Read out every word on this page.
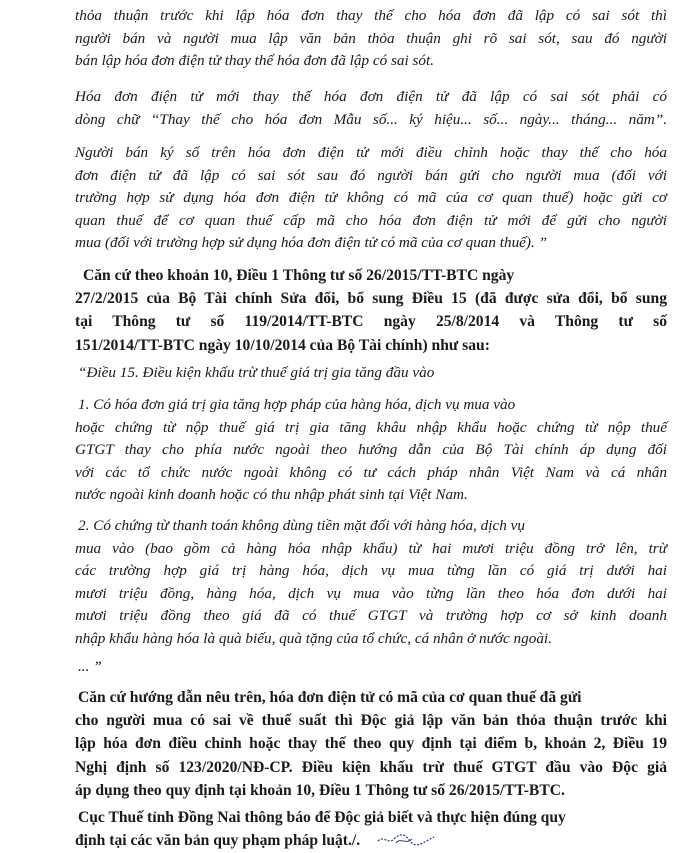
thỏa thuận trước khi lập hóa đơn thay thế cho hóa đơn đã lập có sai sót thì
người bán và người mua lập văn bản thỏa thuận ghi rõ sai sót, sau đó người
bán lập hóa đơn điện tử thay thế hóa đơn đã lập có sai sót.

Hóa đơn điện tử mới thay thế hóa đơn điện tử đã lập có sai sót phải có
dòng chữ “Thay thế cho hóa đơn Mẫu số... ký hiệu... số... ngày... tháng... năm”.

Người bán ký số trên hóa đơn điện tử mới điều chỉnh hoặc thay thế cho hóa
đơn điện tử đã lập có sai sót sau đó người bán gửi cho người mua (đối với
trường hợp sử dụng hóa đơn điện tử không có mã của cơ quan thuế) hoặc gửi cơ
quan thuế để cơ quan thuế cấp mã cho hóa đơn điện tử mới để gửi cho người
mua (đối với trường hợp sử dụng hóa đơn điện tử có mã của cơ quan thuế). ”

Căn cứ theo khoản 10, Điều 1 Thông tư số 26/2015/TT-BTC ngày
27/2/2015 của Bộ Tài chính Sửa đổi, bổ sung Điều 15 (đã được sửa đổi, bổ sung
tại Thông tư số 119/2014/TT-BTC ngày 25/8/2014 và Thông tư số
151/2014/TT-BTC ngày 10/10/2014 của Bộ Tài chính) như sau:

“Điều 15. Điều kiện khấu trừ thuế giá trị gia tăng đầu vào

1. Có hóa đơn giá trị gia tăng hợp pháp của hàng hóa, dịch vụ mua vào
hoặc chứng từ nộp thuế giá trị gia tăng khâu nhập khẩu hoặc chứng từ nộp thuế
GTGT thay cho phía nước ngoài theo hướng dẫn của Bộ Tài chính áp dụng đối
với các tổ chức nước ngoài không có tư cách pháp nhân Việt Nam và cá nhân
nước ngoài kinh doanh hoặc có thu nhập phát sinh tại Việt Nam.

2. Có chứng từ thanh toán không dùng tiền mặt đối với hàng hóa, dịch vụ
mua vào (bao gồm cả hàng hóa nhập khẩu) từ hai mươi triệu đồng trở lên, trừ
các trường hợp giá trị hàng hóa, dịch vụ mua từng lần có giá trị dưới hai
mươi triệu đồng, hàng hóa, dịch vụ mua vào từng lần theo hóa đơn dưới hai
mươi triệu đồng theo giá đã có thuế GTGT và trường hợp cơ sở kinh doanh
nhập khẩu hàng hóa là quà biếu, quà tặng của tổ chức, cá nhân ở nước ngoài.

... ”

Căn cứ hướng dẫn nêu trên, hóa đơn điện tử có mã của cơ quan thuế đã gửi
cho người mua có sai về thuế suất thì Độc giả lập văn bản thỏa thuận trước khi
lập hóa đơn điều chỉnh hoặc thay thế theo quy định tại điểm b, khoản 2, Điều 19
Nghị định số 123/2020/NĐ-CP. Điều kiện khấu trừ thuế GTGT đầu vào Độc giả
áp dụng theo quy định tại khoản 10, Điều 1 Thông tư số 26/2015/TT-BTC.

Cục Thuế tỉnh Đồng Nai thông báo để Độc giả biết và thực hiện đúng quy
định tại các văn bản quy phạm pháp luật./.
